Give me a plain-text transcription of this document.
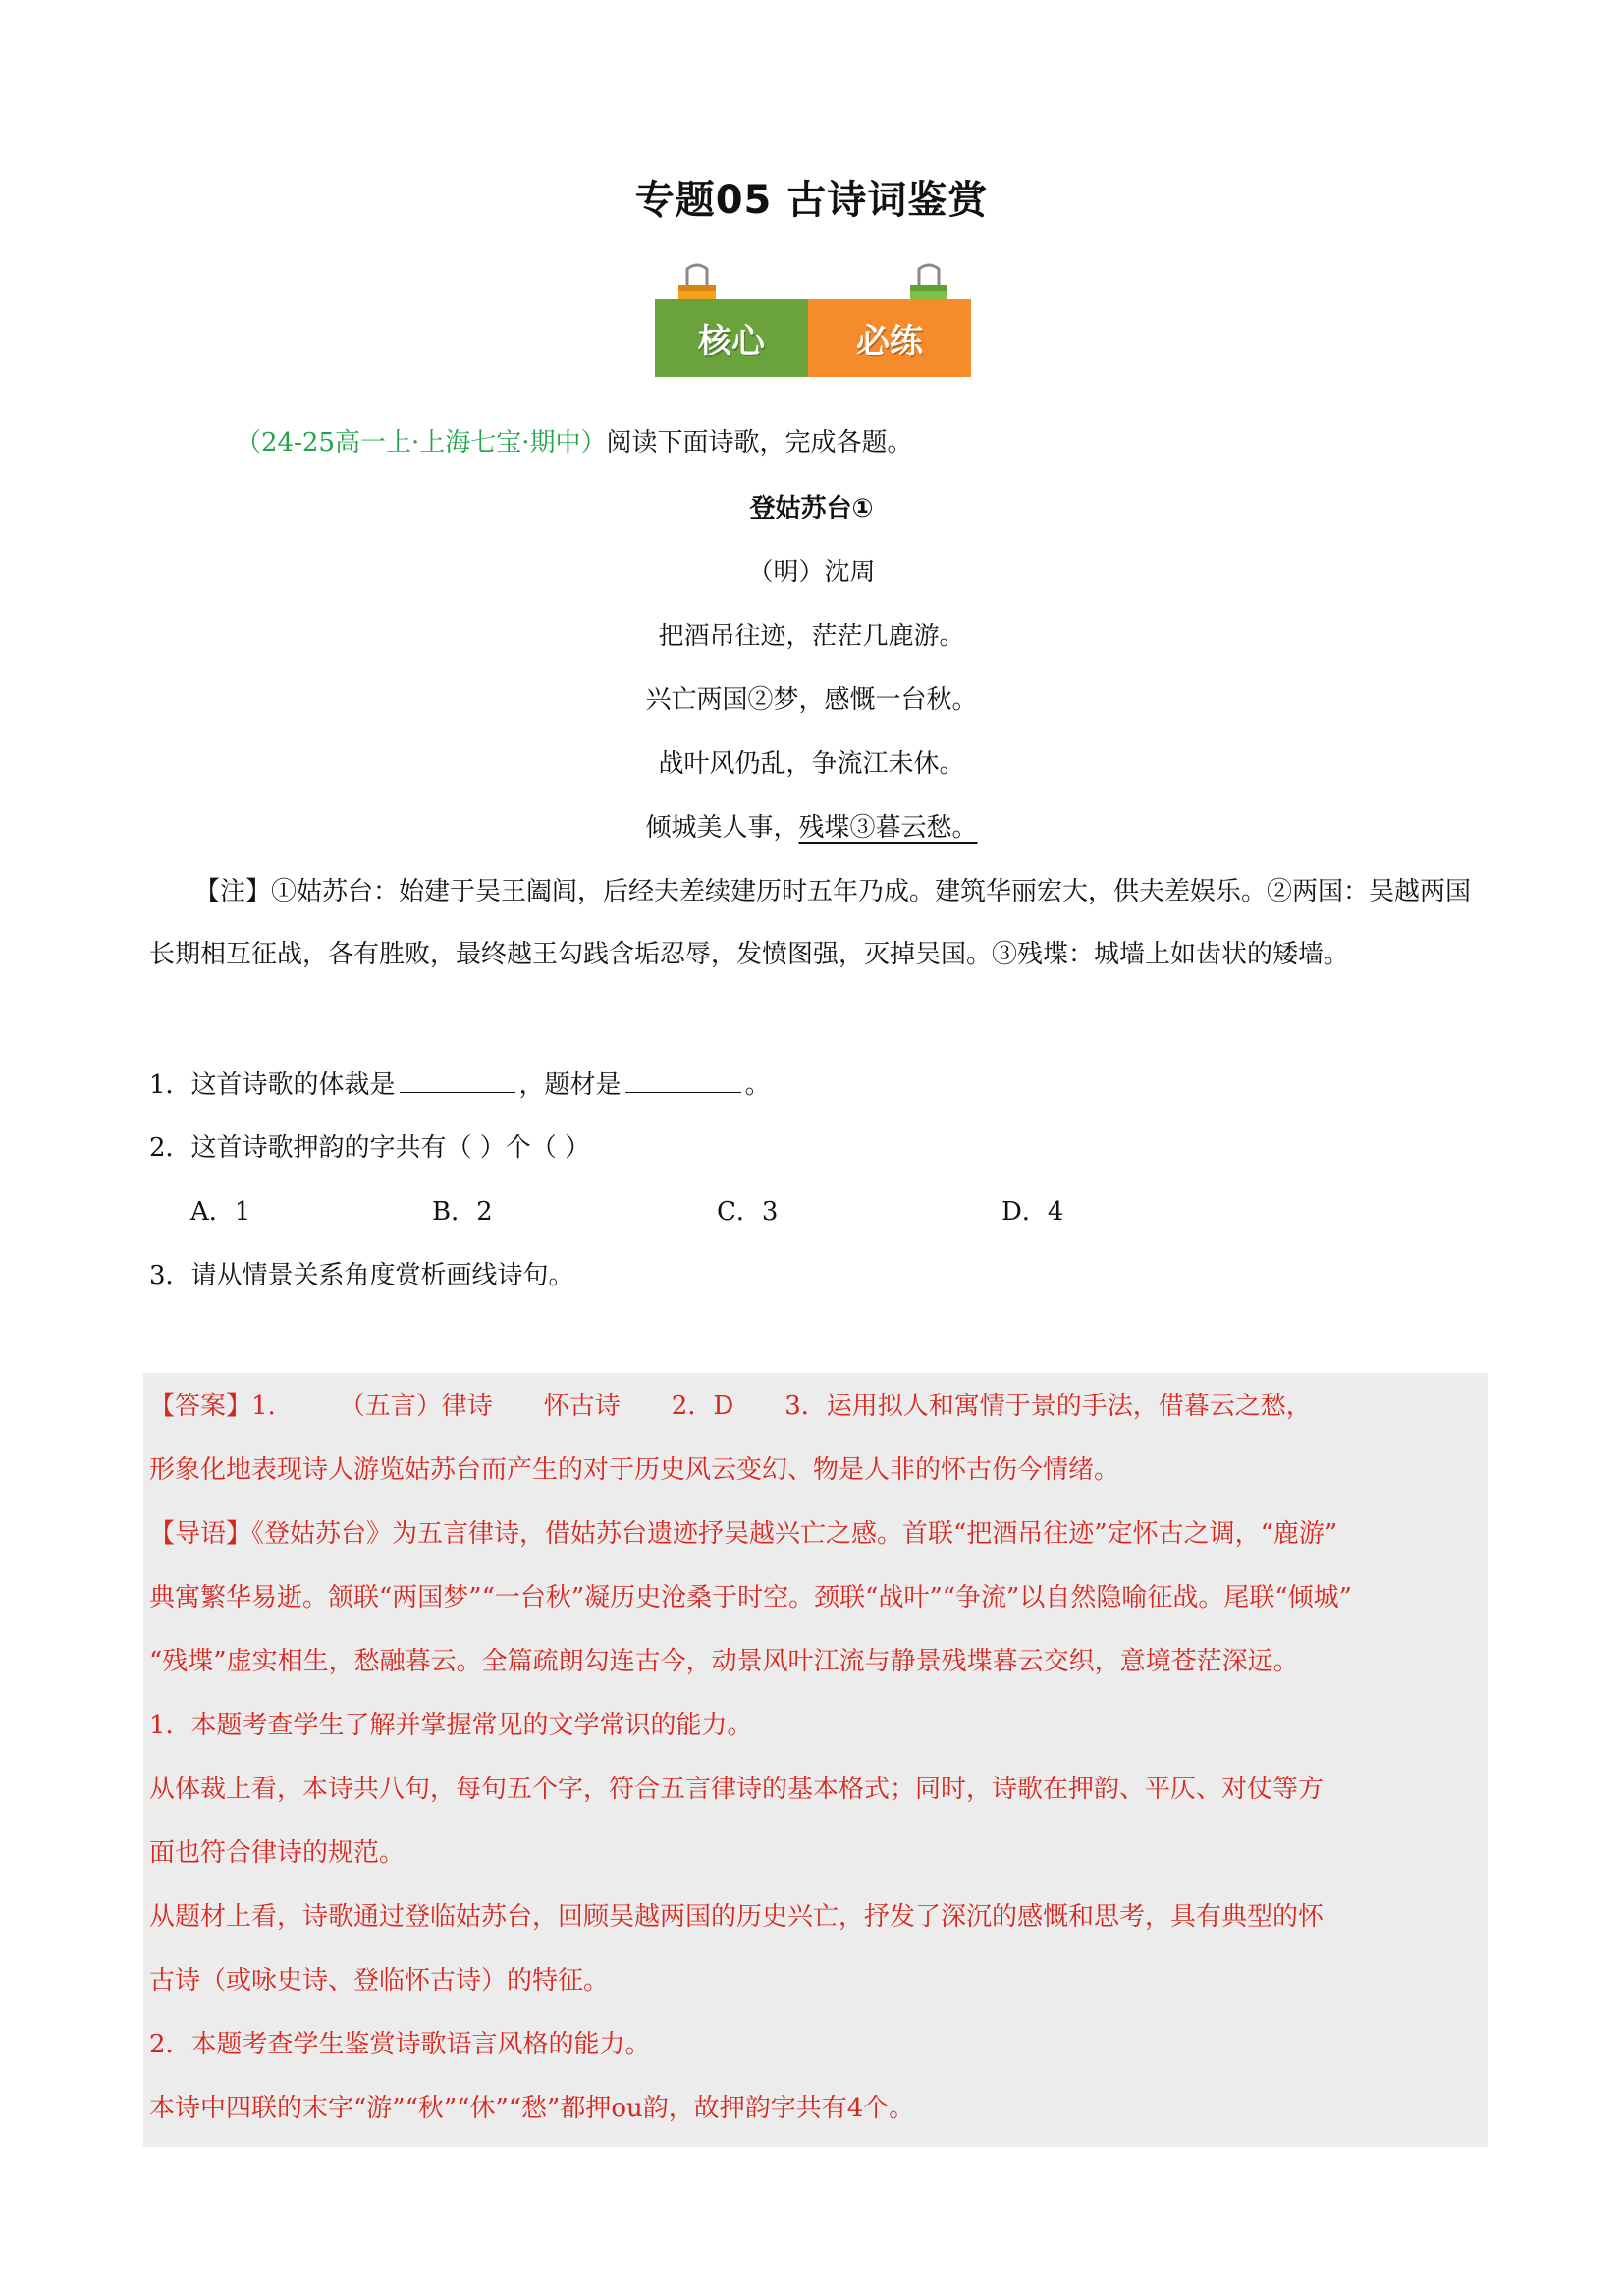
专题05 古诗词鉴赏
核心	必练
（24-25高一上·上海七宝·期中）阅读下面诗歌，完成各题。
登姑苏台①
（明）沈周
把酒吊往迹，茫茫几鹿游。
兴亡两国②梦，感慨一台秋。
战叶风仍乱，争流江未休。
倾城美人事，残堞③暮云愁。
【注】①姑苏台：始建于吴王阖闾，后经夫差续建历时五年乃成。建筑华丽宏大，供夫差娱乐。②两国：吴越两国长期相互征战，各有胜败，最终越王勾践含垢忍辱，发愤图强，灭掉吴国。③残堞：城墙上如齿状的矮墙。
1．这首诗歌的体裁是	，题材是	。
2．这首诗歌押韵的字共有（ ）个（ ）
A．1	B．2	C．3	D．4
3．请从情景关系角度赏析画线诗句。
【答案】1.　　　（五言）律诗　　怀古诗　　2．D　　3．运用拟人和寓情于景的手法，借暮云之愁，
形象化地表现诗人游览姑苏台而产生的对于历史风云变幻、物是人非的怀古伤今情绪。
【导语】《登姑苏台》为五言律诗，借姑苏台遗迹抒吴越兴亡之感。首联“把酒吊往迹”定怀古之调，“鹿游”
典寓繁华易逝。颔联“两国梦”“一台秋”凝历史沧桑于时空。颈联“战叶”“争流”以自然隐喻征战。尾联“倾城”
“残堞”虚实相生，愁融暮云。全篇疏朗勾连古今，动景风叶江流与静景残堞暮云交织，意境苍茫深远。
1．本题考查学生了解并掌握常见的文学常识的能力。
从体裁上看，本诗共八句，每句五个字，符合五言律诗的基本格式；同时，诗歌在押韵、平仄、对仗等方
面也符合律诗的规范。
从题材上看，诗歌通过登临姑苏台，回顾吴越两国的历史兴亡，抒发了深沉的感慨和思考，具有典型的怀
古诗（或咏史诗、登临怀古诗）的特征。
2．本题考查学生鉴赏诗歌语言风格的能力。
本诗中四联的末字“游”“秋”“休”“愁”都押ou韵，故押韵字共有4个。
